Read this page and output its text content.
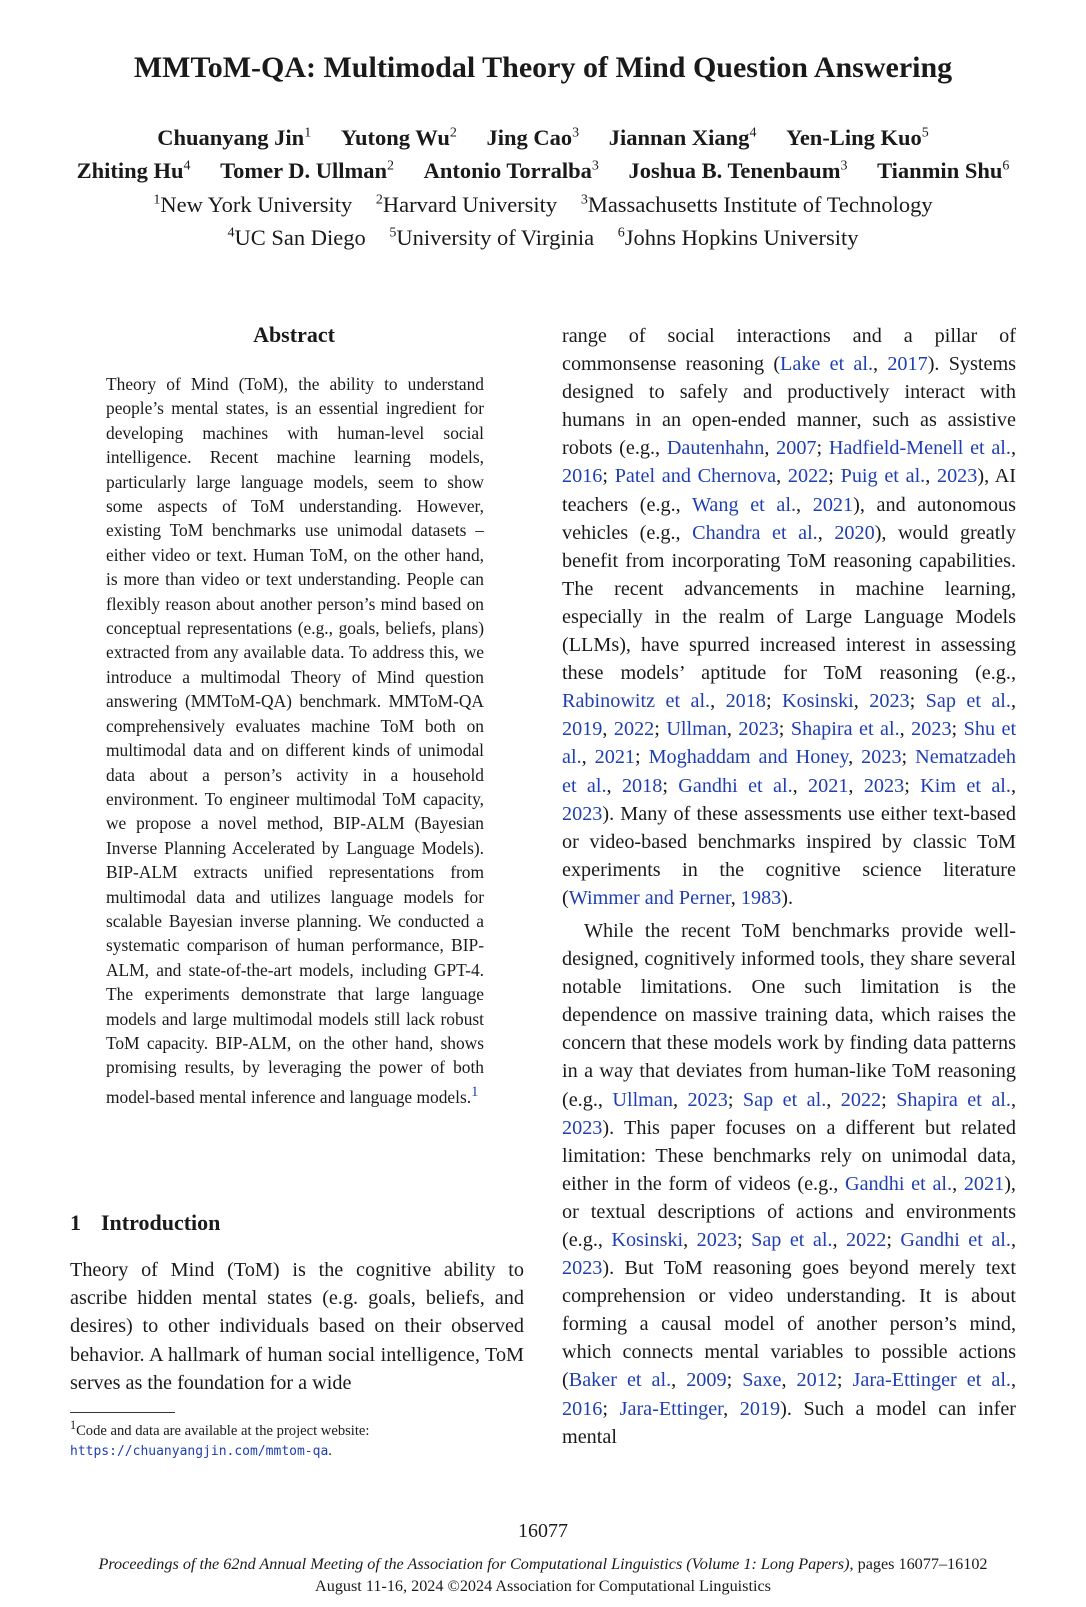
MMToM-QA: Multimodal Theory of Mind Question Answering
Chuanyang Jin$^1$ Yutong Wu$^2$ Jing Cao$^3$ Jiannan Xiang$^4$ Yen-Ling Kuo$^5$
Zhiting Hu$^4$ Tomer D. Ullman$^2$ Antonio Torralba$^3$ Joshua B. Tenenbaum$^3$ Tianmin Shu$^6$
$^1$New York University $^2$Harvard University $^3$Massachusetts Institute of Technology
$^4$UC San Diego $^5$University of Virginia $^6$Johns Hopkins University
Abstract
Theory of Mind (ToM), the ability to understand people’s mental states, is an essential ingredient for developing machines with human-level social intelligence. Recent machine learning models, particularly large language models, seem to show some aspects of ToM understanding. However, existing ToM benchmarks use unimodal datasets – either video or text. Human ToM, on the other hand, is more than video or text understanding. People can flexibly reason about another person’s mind based on conceptual representations (e.g., goals, beliefs, plans) extracted from any available data. To address this, we introduce a multimodal Theory of Mind question answering (MMToM-QA) benchmark. MMToM-QA comprehensively evaluates machine ToM both on multimodal data and on different kinds of unimodal data about a person’s activity in a household environment. To engineer multimodal ToM capacity, we propose a novel method, BIP-ALM (Bayesian Inverse Planning Accelerated by Language Models). BIP-ALM extracts unified representations from multimodal data and utilizes language models for scalable Bayesian inverse planning. We conducted a systematic comparison of human performance, BIP-ALM, and state-of-the-art models, including GPT-4. The experiments demonstrate that large language models and large multimodal models still lack robust ToM capacity. BIP-ALM, on the other hand, shows promising results, by leveraging the power of both model-based mental inference and language models.$^1$
1 Introduction
Theory of Mind (ToM) is the cognitive ability to ascribe hidden mental states (e.g. goals, beliefs, and desires) to other individuals based on their observed behavior. A hallmark of human social intelligence, ToM serves as the foundation for a wide
$^1$Code and data are available at the project website: https://chuanyangjin.com/mmtom-qa.

range of social interactions and a pillar of commonsense reasoning (Lake et al., 2017). Systems designed to safely and productively interact with humans in an open-ended manner, such as assistive robots (e.g., Dautenhahn, 2007; Hadfield-Menell et al., 2016; Patel and Chernova, 2022; Puig et al., 2023), AI teachers (e.g., Wang et al., 2021), and autonomous vehicles (e.g., Chandra et al., 2020), would greatly benefit from incorporating ToM reasoning capabilities. The recent advancements in machine learning, especially in the realm of Large Language Models (LLMs), have spurred increased interest in assessing these models’ aptitude for ToM reasoning (e.g., Rabinowitz et al., 2018; Kosinski, 2023; Sap et al., 2019, 2022; Ullman, 2023; Shapira et al., 2023; Shu et al., 2021; Moghaddam and Honey, 2023; Nematzadeh et al., 2018; Gandhi et al., 2021, 2023; Kim et al., 2023). Many of these assessments use either text-based or video-based benchmarks inspired by classic ToM experiments in the cognitive science literature (Wimmer and Perner, 1983).

While the recent ToM benchmarks provide well-designed, cognitively informed tools, they share several notable limitations. One such limitation is the dependence on massive training data, which raises the concern that these models work by finding data patterns in a way that deviates from human-like ToM reasoning (e.g., Ullman, 2023; Sap et al., 2022; Shapira et al., 2023). This paper focuses on a different but related limitation: These benchmarks rely on unimodal data, either in the form of videos (e.g., Gandhi et al., 2021), or textual descriptions of actions and environments (e.g., Kosinski, 2023; Sap et al., 2022; Gandhi et al., 2023). But ToM reasoning goes beyond merely text comprehension or video understanding. It is about forming a causal model of another person’s mind, which connects mental variables to possible actions (Baker et al., 2009; Saxe, 2012; Jara-Ettinger et al., 2016; Jara-Ettinger, 2019). Such a model can infer mental

16077
Proceedings of the 62nd Annual Meeting of the Association for Computational Linguistics (Volume 1: Long Papers), pages 16077–16102
August 11-16, 2024 ©2024 Association for Computational Linguistics
